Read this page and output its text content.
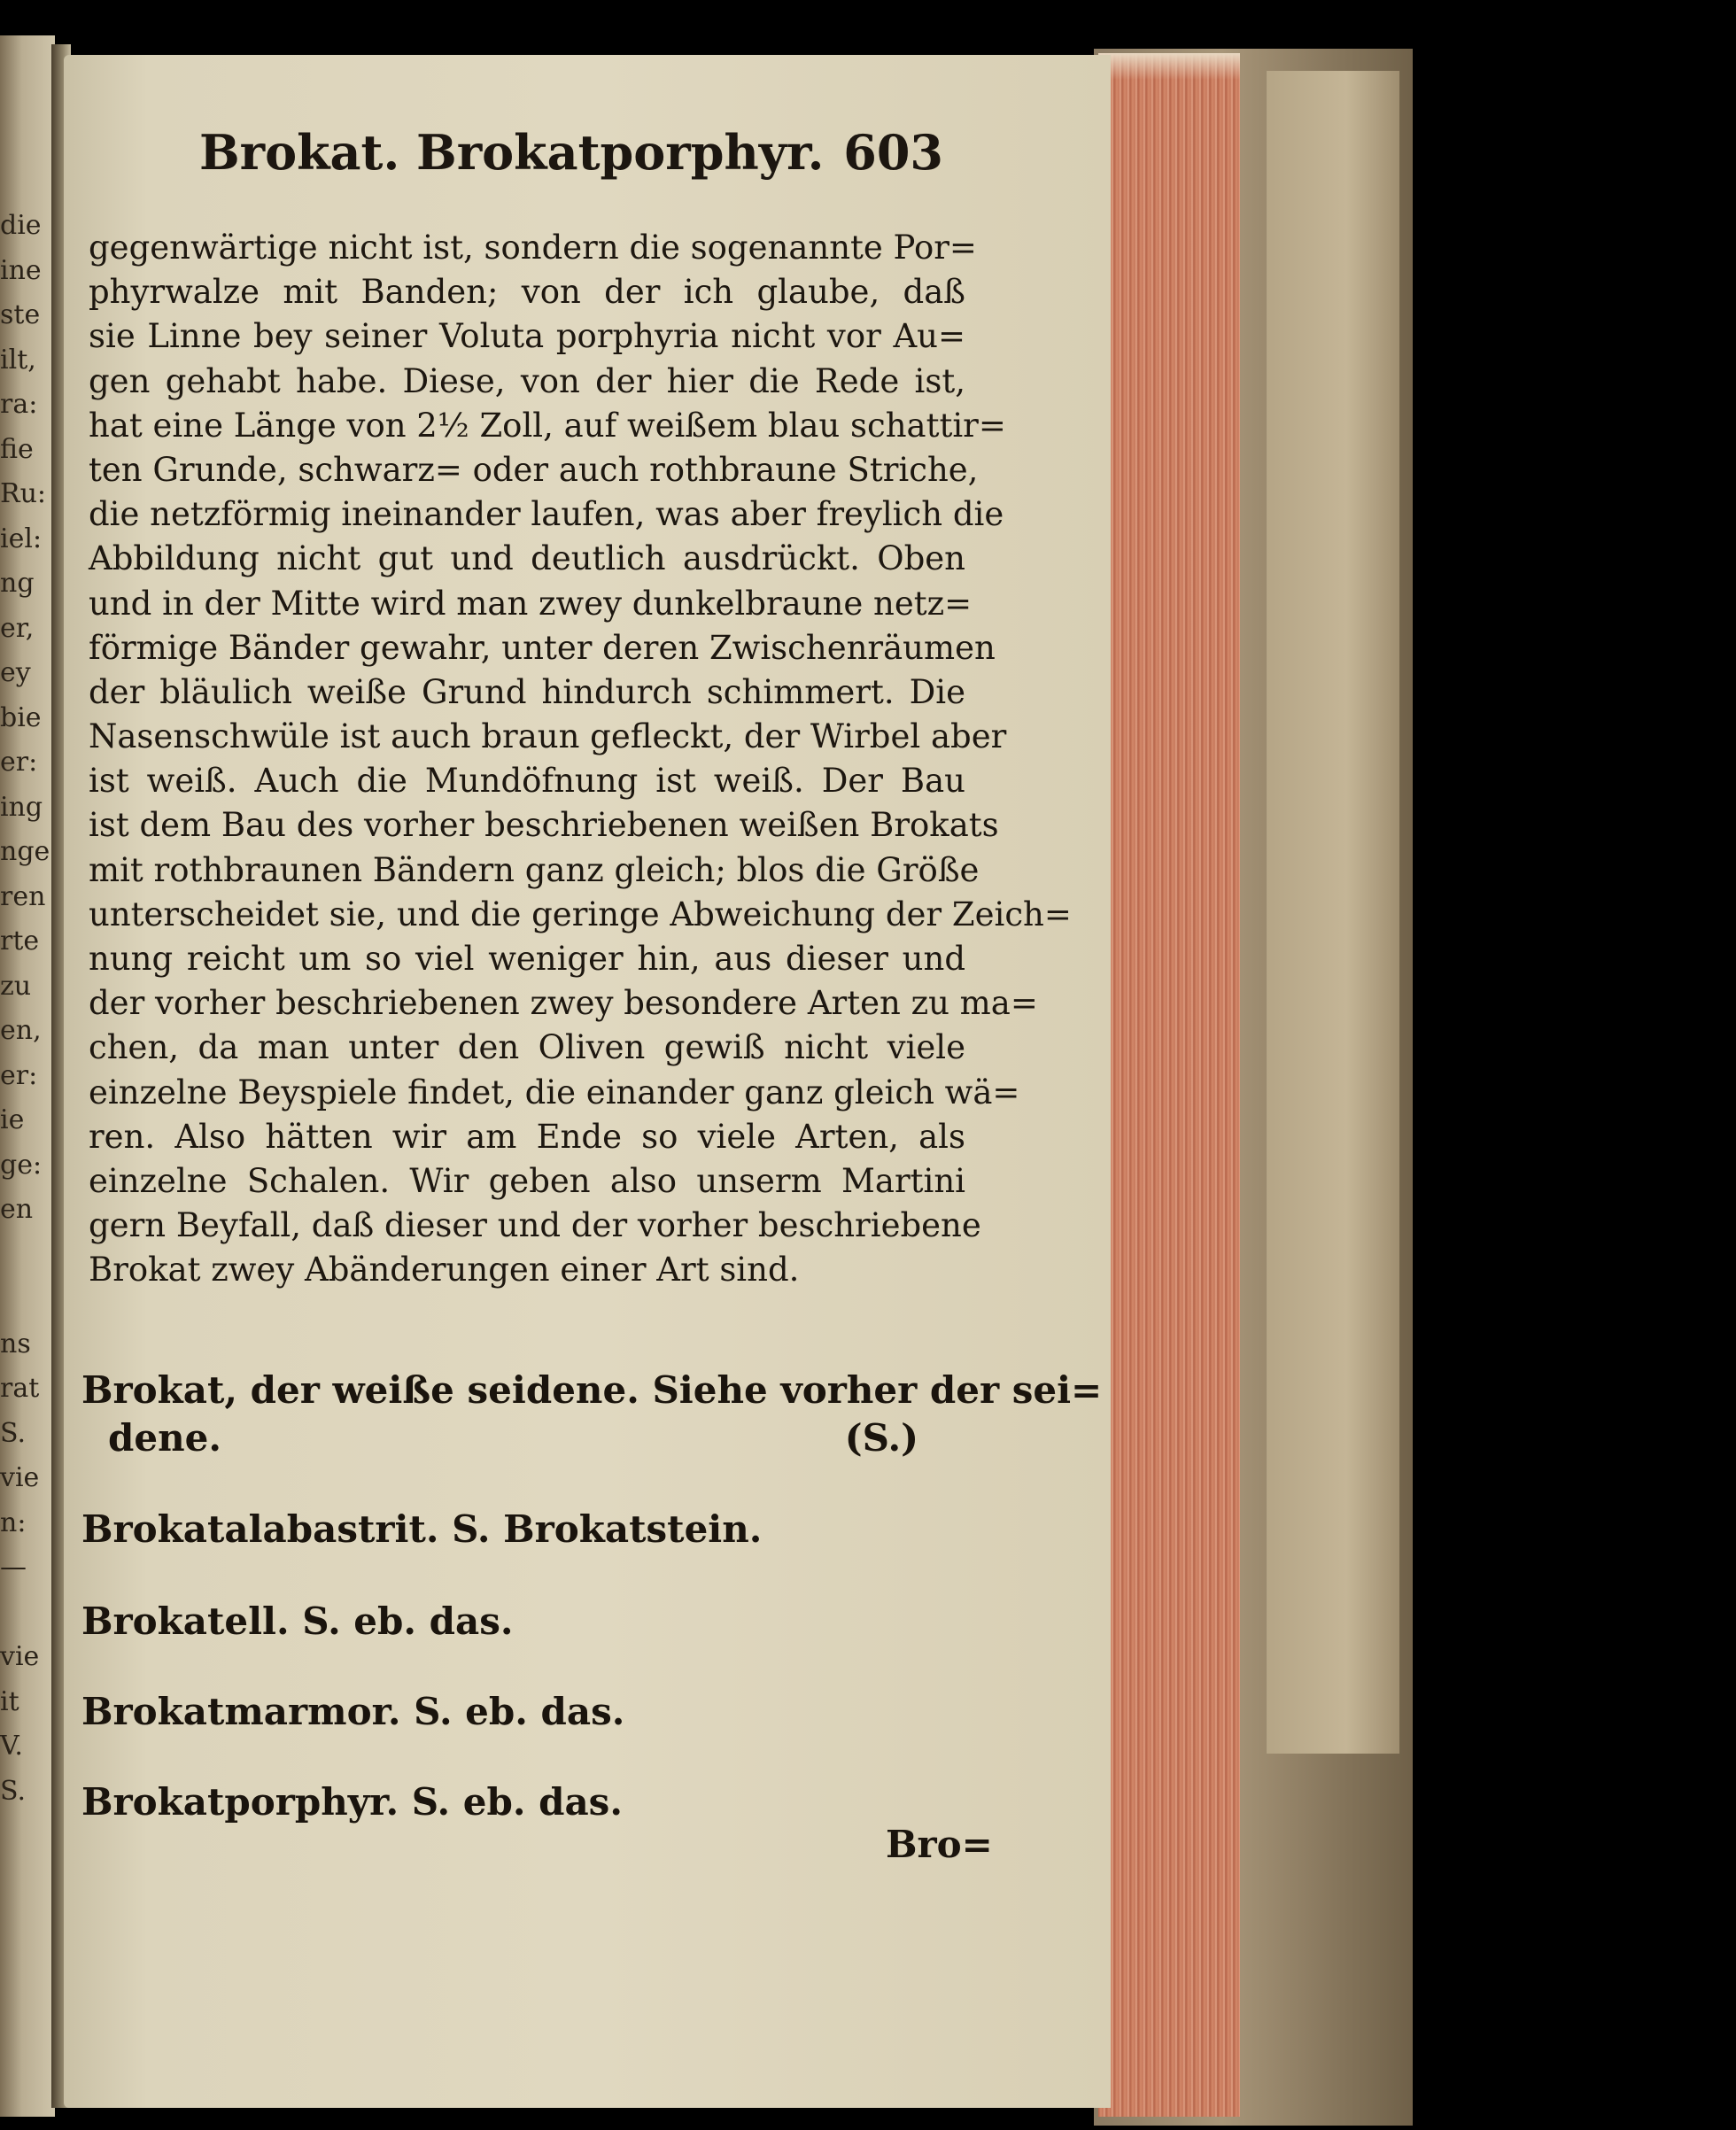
die
ine
ste
ilt,
ra:
fie
Ru:
iel:
ng
er,
ey
bie
er:
ing
nge
ren
rte
zu
en,
er:
ie
ge:
en
ns
rat
S.
vie
n:
—
vie
it
V.
S.
Brokat. Brokatporphyr. 603
gegenwärtige nicht ist, sondern die sogenannte Por=
phyrwalze mit Banden; von der ich glaube, daß
sie Linne bey seiner Voluta porphyria nicht vor Au=
gen gehabt habe. Diese, von der hier die Rede ist,
hat eine Länge von 2½ Zoll, auf weißem blau schattir=
ten Grunde, schwarz= oder auch rothbraune Striche,
die netzförmig ineinander laufen, was aber freylich die
Abbildung nicht gut und deutlich ausdrückt. Oben
und in der Mitte wird man zwey dunkelbraune netz=
förmige Bänder gewahr, unter deren Zwischenräumen
der bläulich weiße Grund hindurch schimmert. Die
Nasenschwüle ist auch braun gefleckt, der Wirbel aber
ist weiß. Auch die Mundöfnung ist weiß. Der Bau
ist dem Bau des vorher beschriebenen weißen Brokats
mit rothbraunen Bändern ganz gleich; blos die Größe
unterscheidet sie, und die geringe Abweichung der Zeich=
nung reicht um so viel weniger hin, aus dieser und
der vorher beschriebenen zwey besondere Arten zu ma=
chen, da man unter den Oliven gewiß nicht viele
einzelne Beyspiele findet, die einander ganz gleich wä=
ren. Also hätten wir am Ende so viele Arten, als
einzelne Schalen. Wir geben also unserm Martini
gern Beyfall, daß dieser und der vorher beschriebene
Brokat zwey Abänderungen einer Art sind.
Brokat, der weiße seidene. Siehe vorher der sei=
dene.	(S.)
Brokatalabastrit. S. Brokatstein.
Brokatell. S. eb. das.
Brokatmarmor. S. eb. das.
Brokatporphyr. S. eb. das.
Bro=
